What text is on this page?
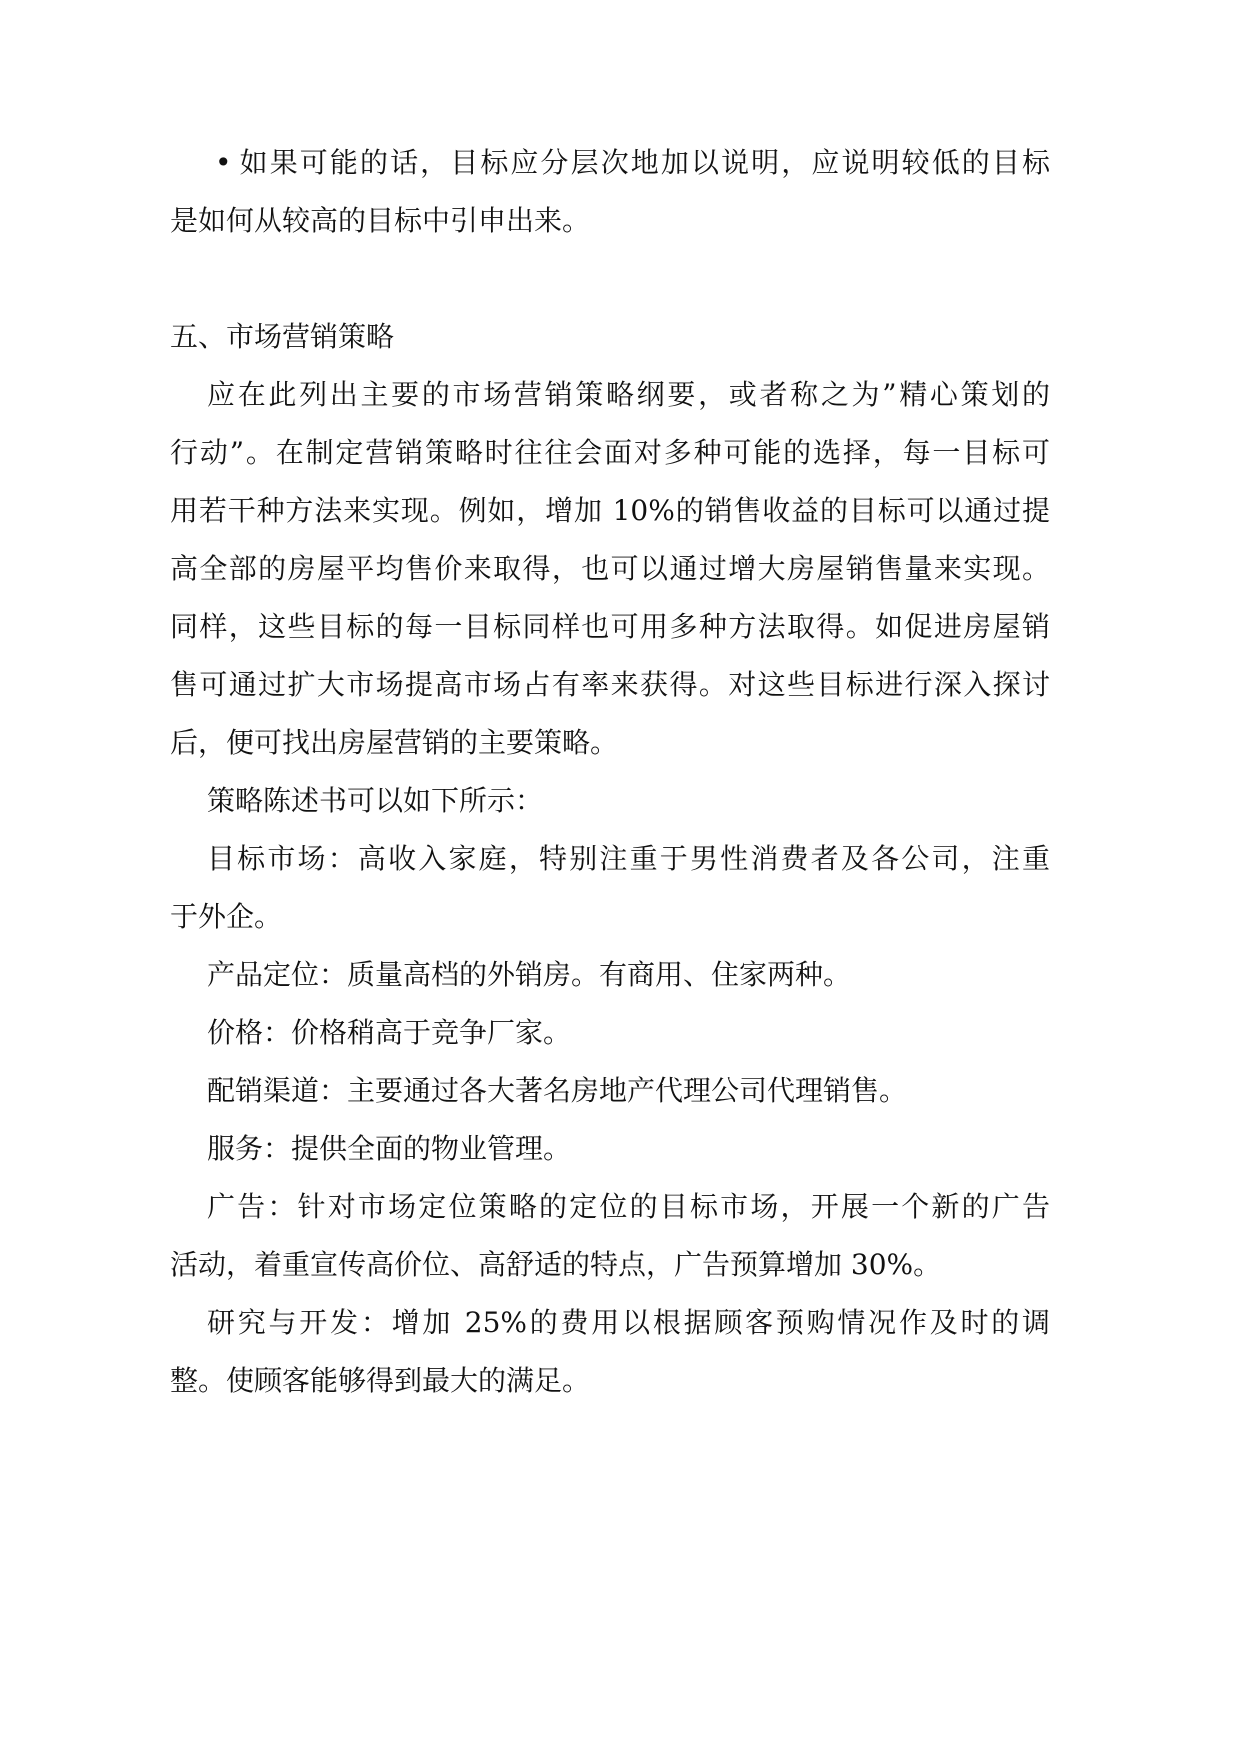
• 如果可能的话，目标应分层次地加以说明，应说明较低的目标
是如何从较高的目标中引申出来。
五、市场营销策略
应在此列出主要的市场营销策略纲要，或者称之为”精心策划的
行动”。在制定营销策略时往往会面对多种可能的选择，每一目标可
用若干种方法来实现。例如，增加 10%的销售收益的目标可以通过提
高全部的房屋平均售价来取得，也可以通过增大房屋销售量来实现。
同样，这些目标的每一目标同样也可用多种方法取得。如促进房屋销
售可通过扩大市场提高市场占有率来获得。对这些目标进行深入探讨
后，便可找出房屋营销的主要策略。
策略陈述书可以如下所示：
目标市场：高收入家庭，特别注重于男性消费者及各公司，注重
于外企。
产品定位：质量高档的外销房。有商用、住家两种。
价格：价格稍高于竞争厂家。
配销渠道：主要通过各大著名房地产代理公司代理销售。
服务：提供全面的物业管理。
广告：针对市场定位策略的定位的目标市场，开展一个新的广告
活动，着重宣传高价位、高舒适的特点，广告预算增加 30%。
研究与开发：增加 25%的费用以根据顾客预购情况作及时的调
整。使顾客能够得到最大的满足。
